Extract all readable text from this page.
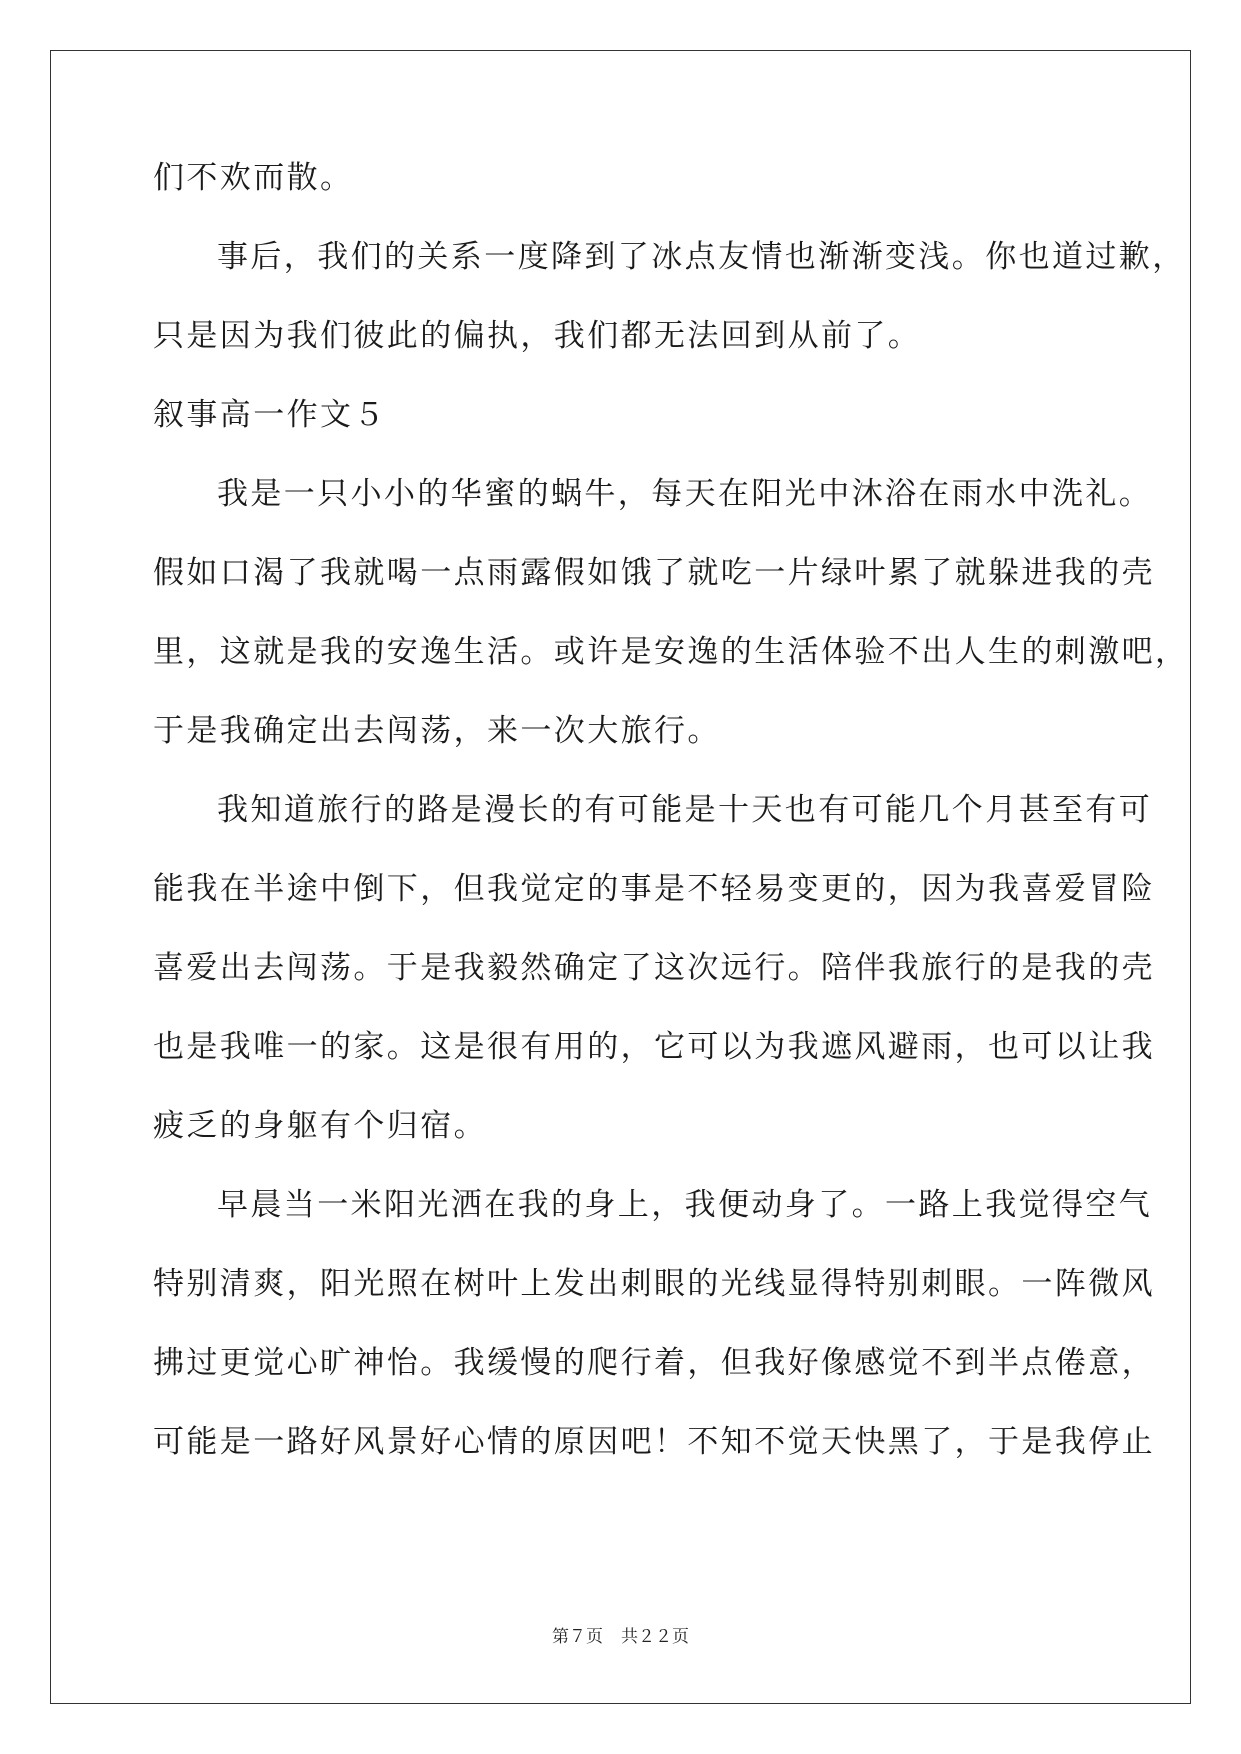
们不欢而散。
事后，我们的关系一度降到了冰点友情也渐渐变浅。你也道过歉，
只是因为我们彼此的偏执，我们都无法回到从前了。
叙事高一作文５
我是一只小小的华蜜的蜗牛，每天在阳光中沐浴在雨水中洗礼。
假如口渴了我就喝一点雨露假如饿了就吃一片绿叶累了就躲进我的壳
里，这就是我的安逸生活。或许是安逸的生活体验不出人生的刺激吧，
于是我确定出去闯荡，来一次大旅行。
我知道旅行的路是漫长的有可能是十天也有可能几个月甚至有可
能我在半途中倒下，但我觉定的事是不轻易变更的，因为我喜爱冒险
喜爱出去闯荡。于是我毅然确定了这次远行。陪伴我旅行的是我的壳
也是我唯一的家。这是很有用的，它可以为我遮风避雨，也可以让我
疲乏的身躯有个归宿。
早晨当一米阳光洒在我的身上，我便动身了。一路上我觉得空气
特别清爽，阳光照在树叶上发出刺眼的光线显得特别刺眼。一阵微风
拂过更觉心旷神怡。我缓慢的爬行着，但我好像感觉不到半点倦意，
可能是一路好风景好心情的原因吧！不知不觉天快黑了，于是我停止
第７页 共２２页
